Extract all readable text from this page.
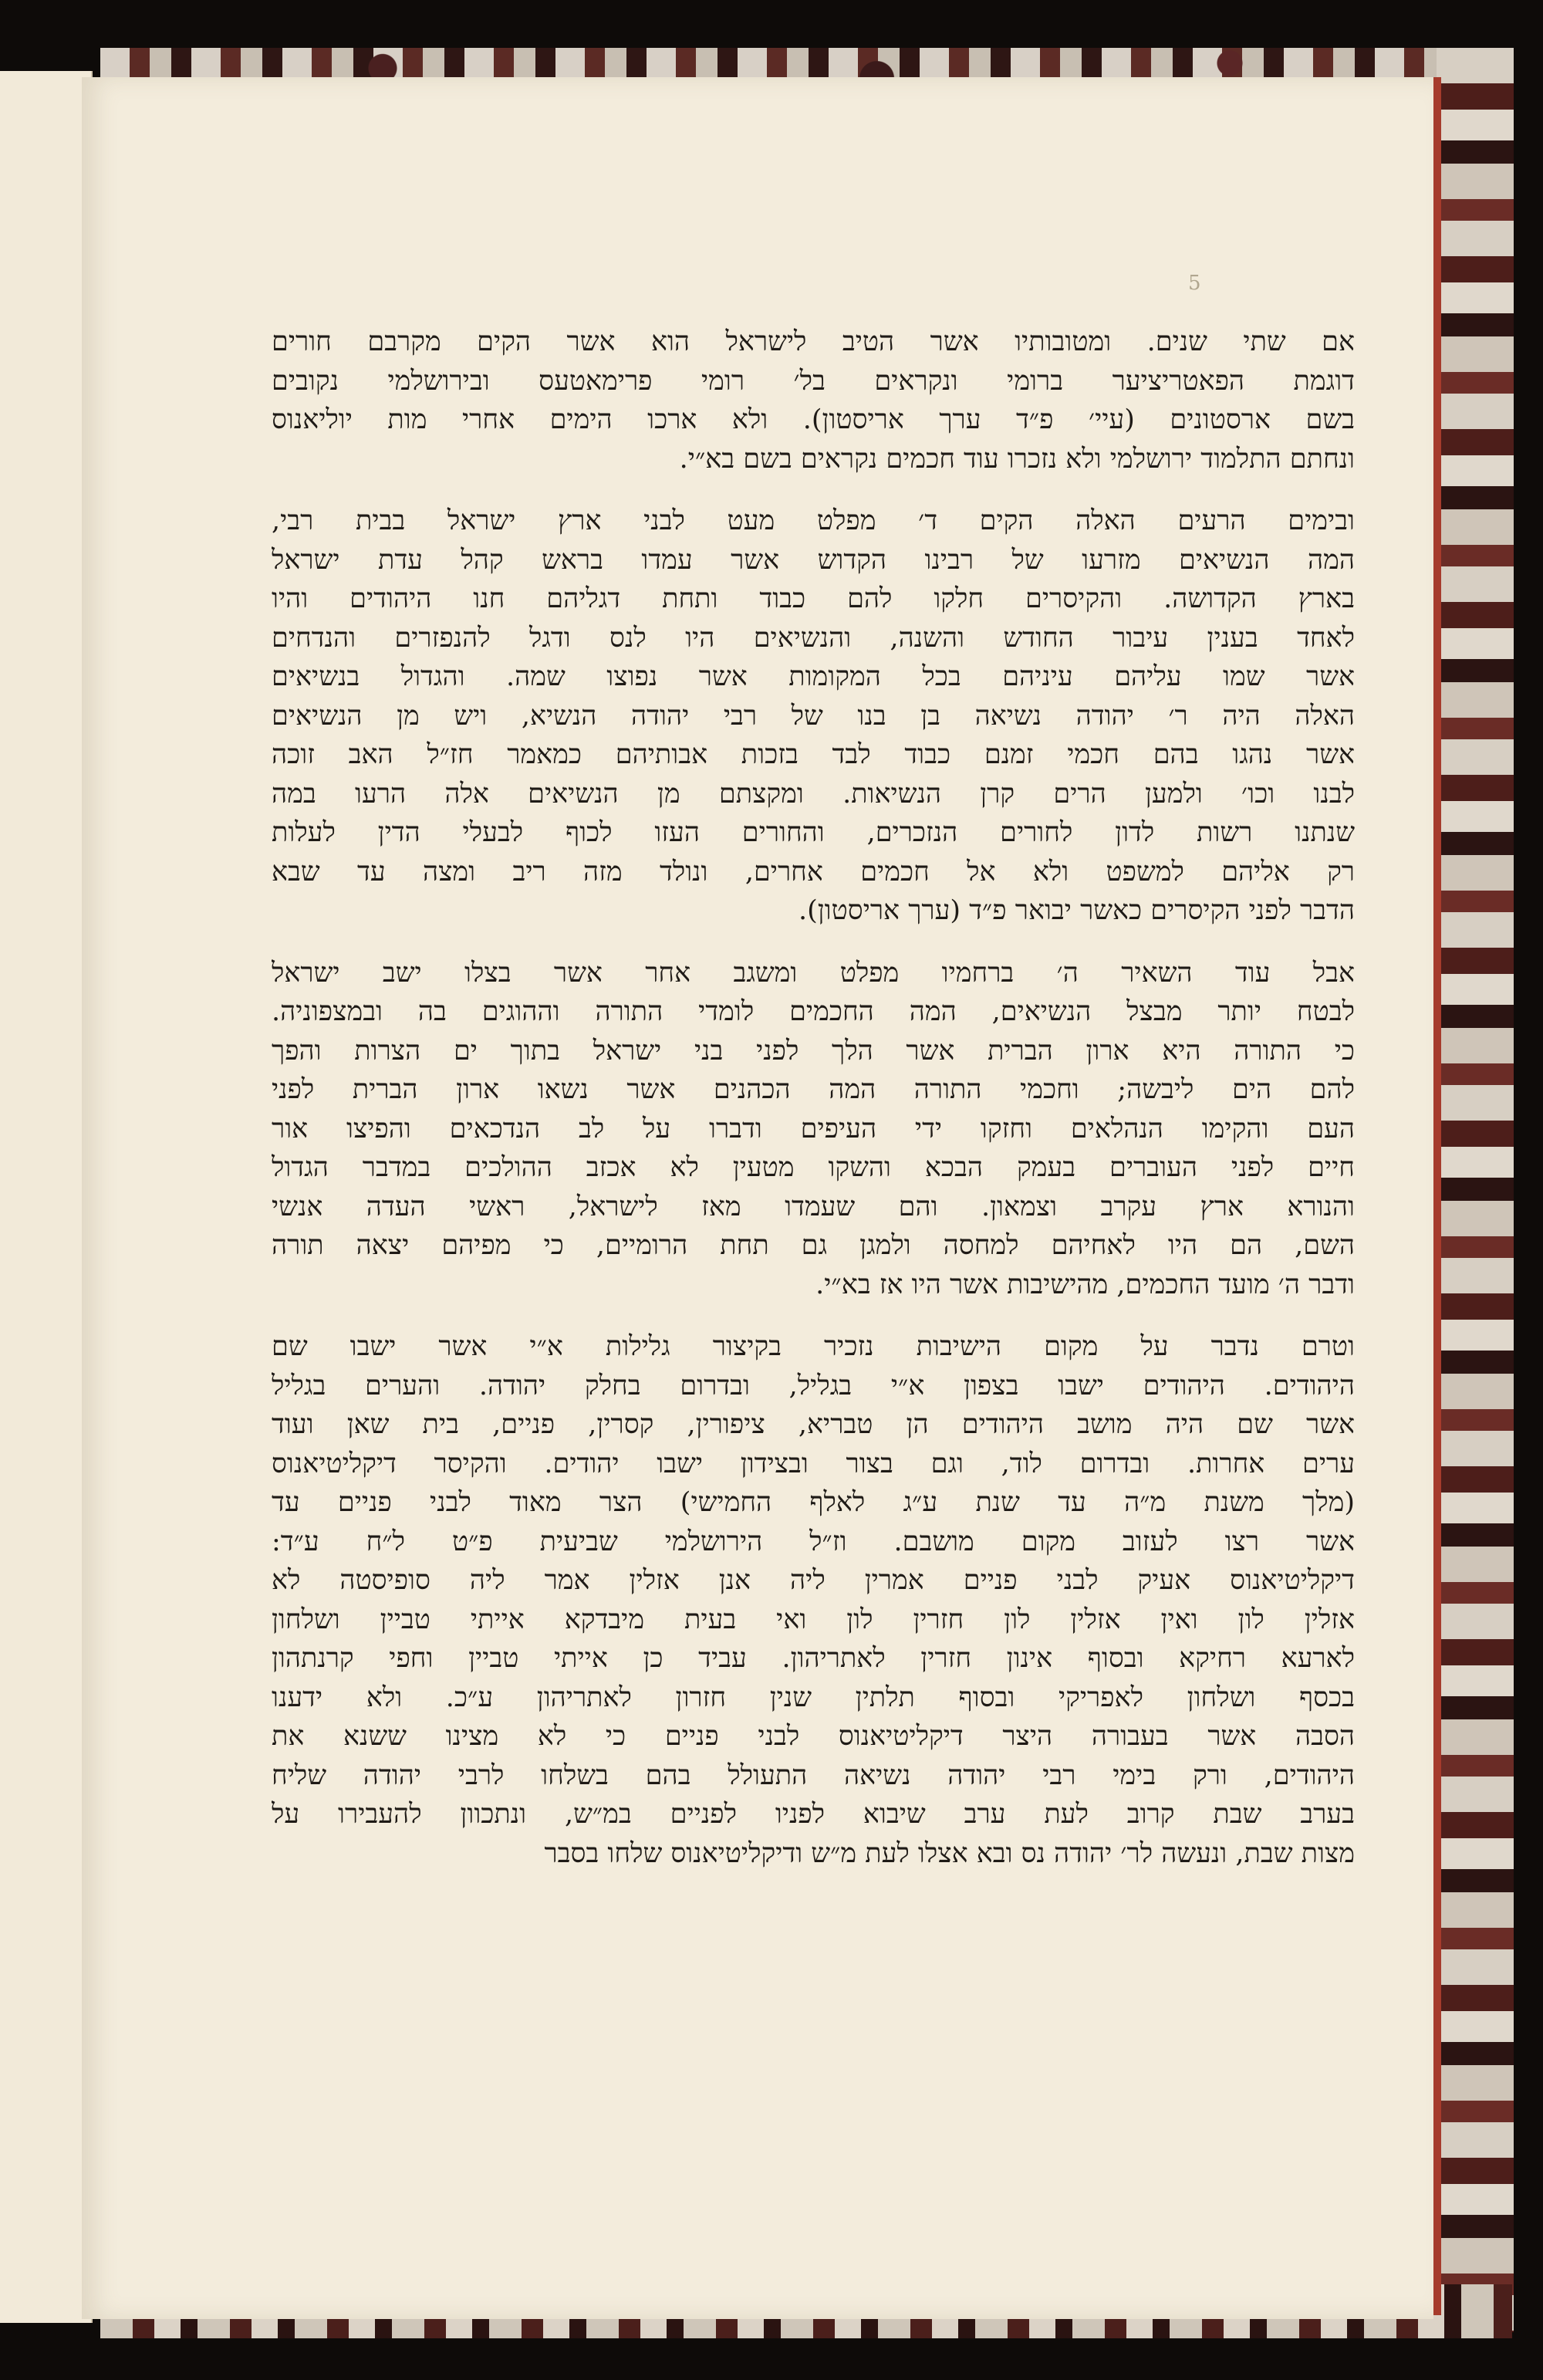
5
אם שתי שנים. ומטובותיו אשר הטיב לישראל הוא אשר הקים מקרבם חורים
דוגמת הפאטריציער ברומי ונקראים בל׳ רומי פרימאטעס ובירושלמי נקובים
בשם ארסטונים (עיי׳ פ״ד ערך אריסטון). ולא ארכו הימים אחרי מות יוליאנוס
ונחתם התלמוד ירושלמי ולא נזכרו עוד חכמים נקראים בשם בא״י.
ובימים הרעים האלה הקים ד׳ מפלט מעט לבני ארץ ישראל בבית רבי,
המה הנשיאים מזרעו של רבינו הקדוש אשר עמדו בראש קהל עדת ישראל
בארץ הקדושה. והקיסרים חלקו להם כבוד ותחת דגליהם חנו היהודים והיו
לאחד בענין עיבור החודש והשנה, והנשיאים היו לנס ודגל להנפזרים והנדחים
אשר שמו עליהם עיניהם בכל המקומות אשר נפוצו שמה. והגדול בנשיאים
האלה היה ר׳ יהודה נשיאה בן בנו של רבי יהודה הנשיא, ויש מן הנשיאים
אשר נהגו בהם חכמי זמנם כבוד לבד בזכות אבותיהם כמאמר חז״ל האב זוכה
לבנו וכו׳ ולמען הרים קרן הנשיאות. ומקצתם מן הנשיאים אלה הרעו במה
שנתנו רשות לדון לחורים הנזכרים, והחורים העזו לכוף לבעלי הדין לעלות
רק אליהם למשפט ולא אל חכמים אחרים, ונולד מזה ריב ומצה עד שבא
הדבר לפני הקיסרים כאשר יבואר פ״ד (ערך אריסטון).
אבל עוד השאיר ה׳ ברחמיו מפלט ומשגב אחר אשר בצלו ישב ישראל
לבטח יותר מבצל הנשיאים, המה החכמים לומדי התורה וההוגים בה ובמצפוניה.
כי התורה היא ארון הברית אשר הלך לפני בני ישראל בתוך ים הצרות והפך
להם הים ליבשה; וחכמי התורה המה הכהנים אשר נשאו ארון הברית לפני
העם והקימו הנהלאים וחזקו ידי העיפים ודברו על לב הנדכאים והפיצו אור
חיים לפני העוברים בעמק הבכא והשקו מטעין לא אכזב ההולכים במדבר הגדול
והנורא ארץ עקרב וצמאון. והם שעמדו מאז לישראל, ראשי העדה אנשי
השם, הם היו לאחיהם למחסה ולמגן גם תחת הרומיים, כי מפיהם יצאה תורה
ודבר ה׳ מועד החכמים, מהישיבות אשר היו אז בא״י.
וטרם נדבר על מקום הישיבות נזכיר בקיצור גלילות א״י אשר ישבו שם
היהודים. היהודים ישבו בצפון א״י בגליל, ובדרום בחלק יהודה. והערים בגליל
אשר שם היה מושב היהודים הן טבריא, ציפורין, קסרין, פניים, בית שאן ועוד
ערים אחרות. ובדרום לוד, וגם בצור ובצידון ישבו יהודים. והקיסר דיקליטיאנוס
(מלך משנת מ״ה עד שנת ע״ג לאלף החמישי) הצר מאוד לבני פניים עד
אשר רצו לעזוב מקום מושבם. וז״ל הירושלמי שביעית פ״ט ל״ח ע״ד:
דיקליטיאנוס אעיק לבני פניים אמרין ליה אנן אזלין אמר ליה סופיסטה לא
אזלין לון ואין אזלין לון חזרין לון ואי בעית מיבדקא אייתי טביין ושלחון
לארעא רחיקא ובסוף אינון חזרין לאתריהון. עביד כן אייתי טביין וחפי קרנתהון
בכסף ושלחון לאפריקי ובסוף תלתין שנין חזרון לאתריהון ע״כ. ולא ידענו
הסבה אשר בעבורה היצר דיקליטיאנוס לבני פניים כי לא מצינו ששנא את
היהודים, ורק בימי רבי יהודה נשיאה התעולל בהם בשלחו לרבי יהודה שליח
בערב שבת קרוב לעת ערב שיבוא לפניו לפניים במ״ש, ונתכוון להעבירו על
מצות שבת, ונעשה לר׳ יהודה נס ובא אצלו לעת מ״ש ודיקליטיאנוס שלחו בסבר
